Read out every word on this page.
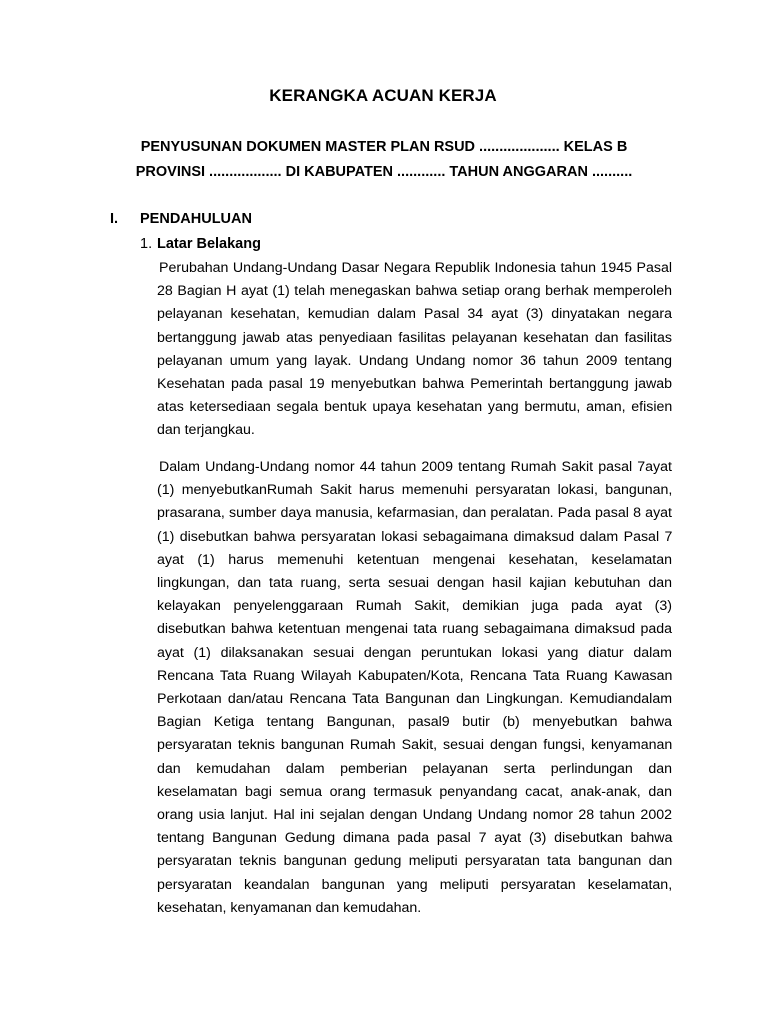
KERANGKA ACUAN KERJA
PENYUSUNAN DOKUMEN MASTER PLAN RSUD .................... KELAS B
PROVINSI .................. DI KABUPATEN ............ TAHUN ANGGARAN ..........
I. PENDAHULUAN
1. Latar Belakang
Perubahan Undang-Undang Dasar Negara Republik Indonesia tahun 1945 Pasal
28 Bagian H ayat (1) telah menegaskan bahwa setiap orang berhak memperoleh
pelayanan kesehatan, kemudian dalam Pasal 34 ayat (3) dinyatakan negara
bertanggung jawab atas penyediaan fasilitas pelayanan kesehatan dan fasilitas
pelayanan umum yang layak. Undang Undang nomor 36 tahun 2009 tentang
Kesehatan pada pasal 19 menyebutkan bahwa Pemerintah bertanggung jawab
atas ketersediaan segala bentuk upaya kesehatan yang bermutu, aman, efisien
dan terjangkau.
Dalam Undang-Undang nomor 44 tahun 2009 tentang Rumah Sakit pasal 7ayat
(1) menyebutkanRumah Sakit harus memenuhi persyaratan lokasi, bangunan,
prasarana, sumber daya manusia, kefarmasian, dan peralatan. Pada pasal 8 ayat
(1) disebutkan bahwa persyaratan lokasi sebagaimana dimaksud dalam Pasal 7
ayat (1) harus memenuhi ketentuan mengenai kesehatan, keselamatan
lingkungan, dan tata ruang, serta sesuai dengan hasil kajian kebutuhan dan
kelayakan penyelenggaraan Rumah Sakit, demikian juga pada ayat (3)
disebutkan bahwa ketentuan mengenai tata ruang sebagaimana dimaksud pada
ayat (1) dilaksanakan sesuai dengan peruntukan lokasi yang diatur dalam
Rencana Tata Ruang Wilayah Kabupaten/Kota, Rencana Tata Ruang Kawasan
Perkotaan dan/atau Rencana Tata Bangunan dan Lingkungan. Kemudiandalam
Bagian Ketiga tentang Bangunan, pasal9 butir (b) menyebutkan bahwa
persyaratan teknis bangunan Rumah Sakit, sesuai dengan fungsi, kenyamanan
dan kemudahan dalam pemberian pelayanan serta perlindungan dan
keselamatan bagi semua orang termasuk penyandang cacat, anak-anak, dan
orang usia lanjut. Hal ini sejalan dengan Undang Undang nomor 28 tahun 2002
tentang Bangunan Gedung dimana pada pasal 7 ayat (3) disebutkan bahwa
persyaratan teknis bangunan gedung meliputi persyaratan tata bangunan dan
persyaratan keandalan bangunan yang meliputi persyaratan keselamatan,
kesehatan, kenyamanan dan kemudahan.
